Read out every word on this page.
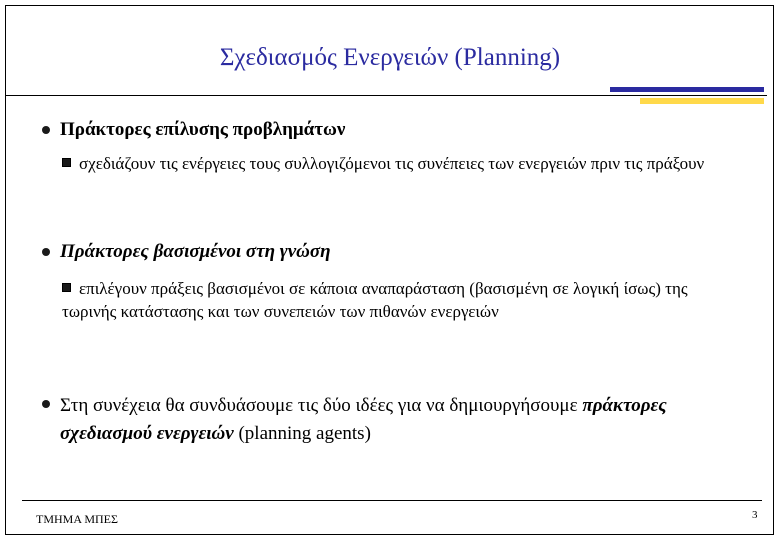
Σχεδιασμός Ενεργειών (Planning)
Πράκτορες επίλυσης προβλημάτων
σχεδιάζουν τις ενέργειες τους συλλογιζόμενοι τις συνέπειες των ενεργειών πριν τις πράξουν
Πράκτορες βασισμένοι στη γνώση
επιλέγουν πράξεις βασισμένοι σε κάποια αναπαράσταση (βασισμένη σε λογική ίσως) της τωρινής κατάστασης και των συνεπειών των πιθανών ενεργειών
Στη συνέχεια θα συνδυάσουμε τις δύο ιδέες για να δημιουργήσουμε πράκτορες σχεδιασμού ενεργειών (planning agents)
ΤΜΗΜΑ ΜΠΕΣ	3
